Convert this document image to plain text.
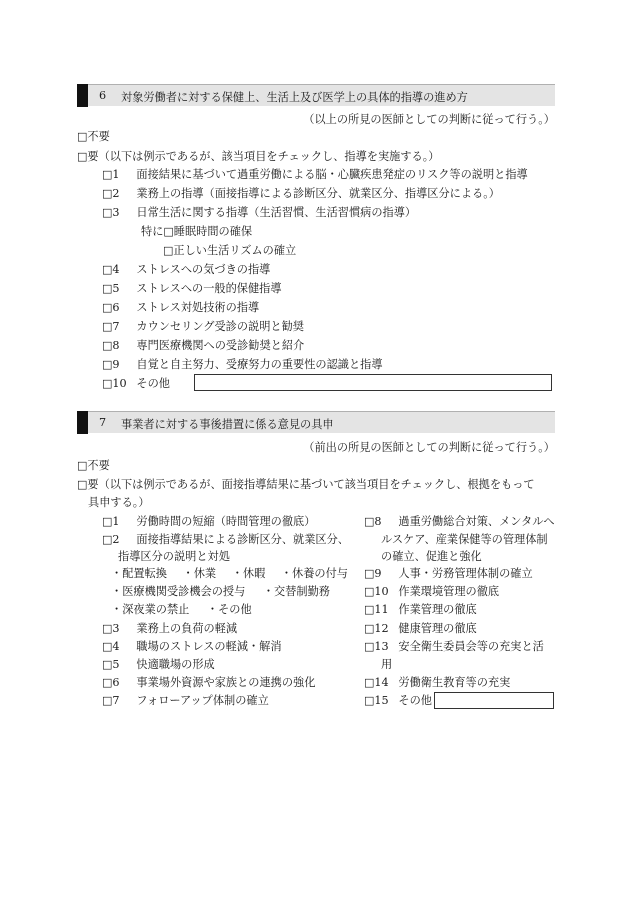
6 対象労働者に対する保健上、生活上及び医学上の具体的指導の進め方
（以上の所見の医師としての判断に従って行う。）
□不要
□要（以下は例示であるが、該当項目をチェックし、指導を実施する。）
□1 面接結果に基づいて過重労働による脳・心臓疾患発症のリスク等の説明と指導
□2 業務上の指導（面接指導による診断区分、就業区分、指導区分による。）
□3 日常生活に関する指導（生活習慣、生活習慣病の指導）
特に□睡眠時間の確保
□正しい生活リズムの確立
□4 ストレスへの気づきの指導
□5 ストレスへの一般的保健指導
□6 ストレス対処技術の指導
□7 カウンセリング受診の説明と勧奨
□8 専門医療機関への受診勧奨と紹介
□9 自覚と自主努力、受療努力の重要性の認識と指導
□10 その他
7 事業者に対する事後措置に係る意見の具申
（前出の所見の医師としての判断に従って行う。）
□不要
□要（以下は例示であるが、面接指導結果に基づいて該当項目をチェックし、根拠をもって
具申する。）
□1 労働時間の短縮（時間管理の徹底）
□2 面接指導結果による診断区分、就業区分、
指導区分の説明と対処
・配置転換 ・休業 ・休暇 ・休養の付与
・医療機関受診機会の授与 ・交替制勤務
・深夜業の禁止 ・その他
□3 業務上の負荷の軽減
□4 職場のストレスの軽減・解消
□5 快適職場の形成
□6 事業場外資源や家族との連携の強化
□7 フォローアップ体制の確立
□8 過重労働総合対策、メンタルへ
ルスケア、産業保健等の管理体制
の確立、促進と強化
□9 人事・労務管理体制の確立
□10 作業環境管理の徹底
□11 作業管理の徹底
□12 健康管理の徹底
□13 安全衛生委員会等の充実と活
用
□14 労働衛生教育等の充実
□15 その他
